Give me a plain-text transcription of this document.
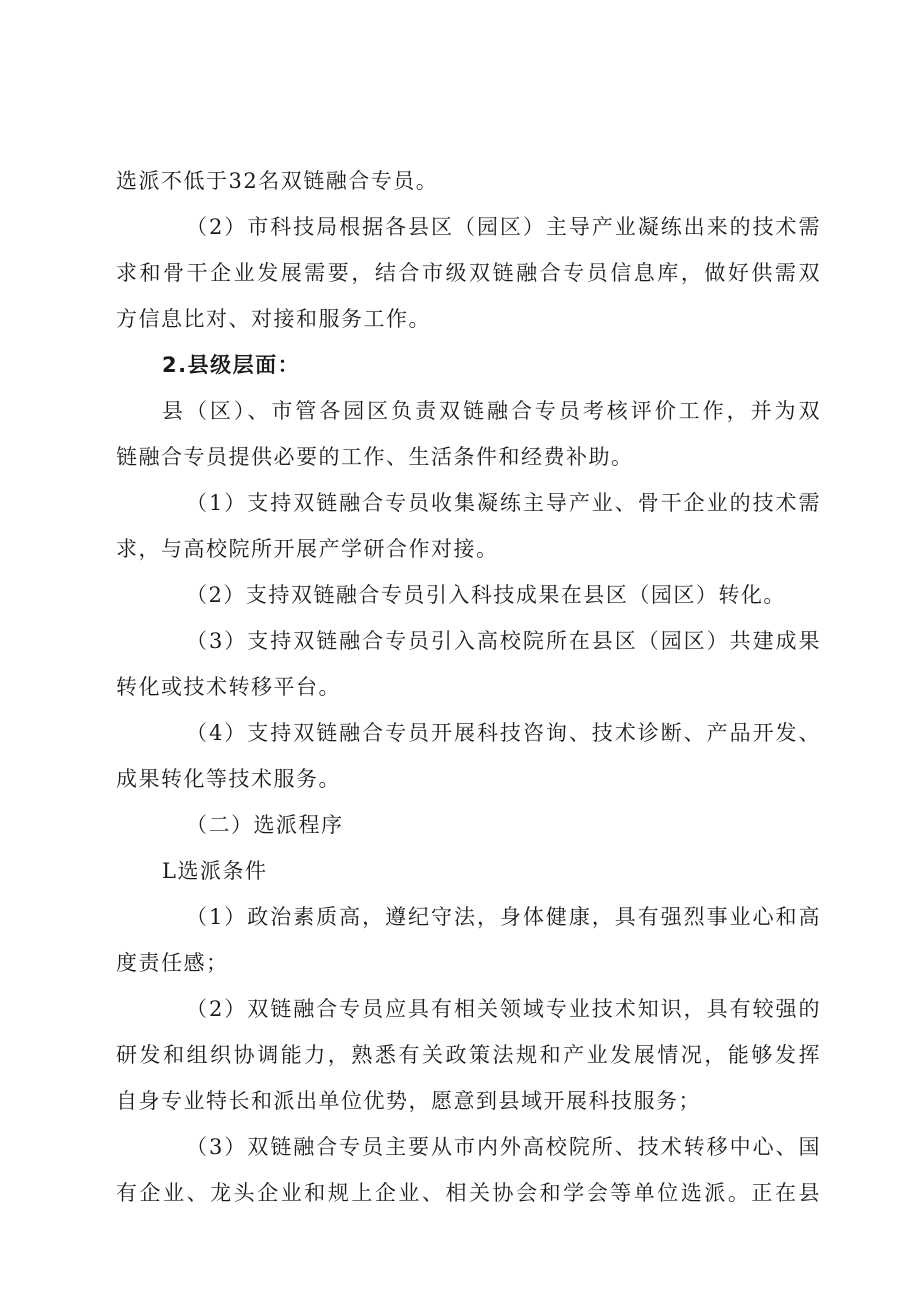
选派不低于32名双链融合专员。
（2）市科技局根据各县区（园区）主导产业凝练出来的技术需
求和骨干企业发展需要，结合市级双链融合专员信息库，做好供需双
方信息比对、对接和服务工作。
2.县级层面：
县（区）、市管各园区负责双链融合专员考核评价工作，并为双
链融合专员提供必要的工作、生活条件和经费补助。
（1）支持双链融合专员收集凝练主导产业、骨干企业的技术需
求，与高校院所开展产学研合作对接。
（2）支持双链融合专员引入科技成果在县区（园区）转化。
（3）支持双链融合专员引入高校院所在县区（园区）共建成果
转化或技术转移平台。
（4）支持双链融合专员开展科技咨询、技术诊断、产品开发、
成果转化等技术服务。
（二）选派程序
L选派条件
（1）政治素质高，遵纪守法，身体健康，具有强烈事业心和高
度责任感；
（2）双链融合专员应具有相关领域专业技术知识，具有较强的
研发和组织协调能力，熟悉有关政策法规和产业发展情况，能够发挥
自身专业特长和派出单位优势，愿意到县域开展科技服务；
（3）双链融合专员主要从市内外高校院所、技术转移中心、国
有企业、龙头企业和规上企业、相关协会和学会等单位选派。正在县
